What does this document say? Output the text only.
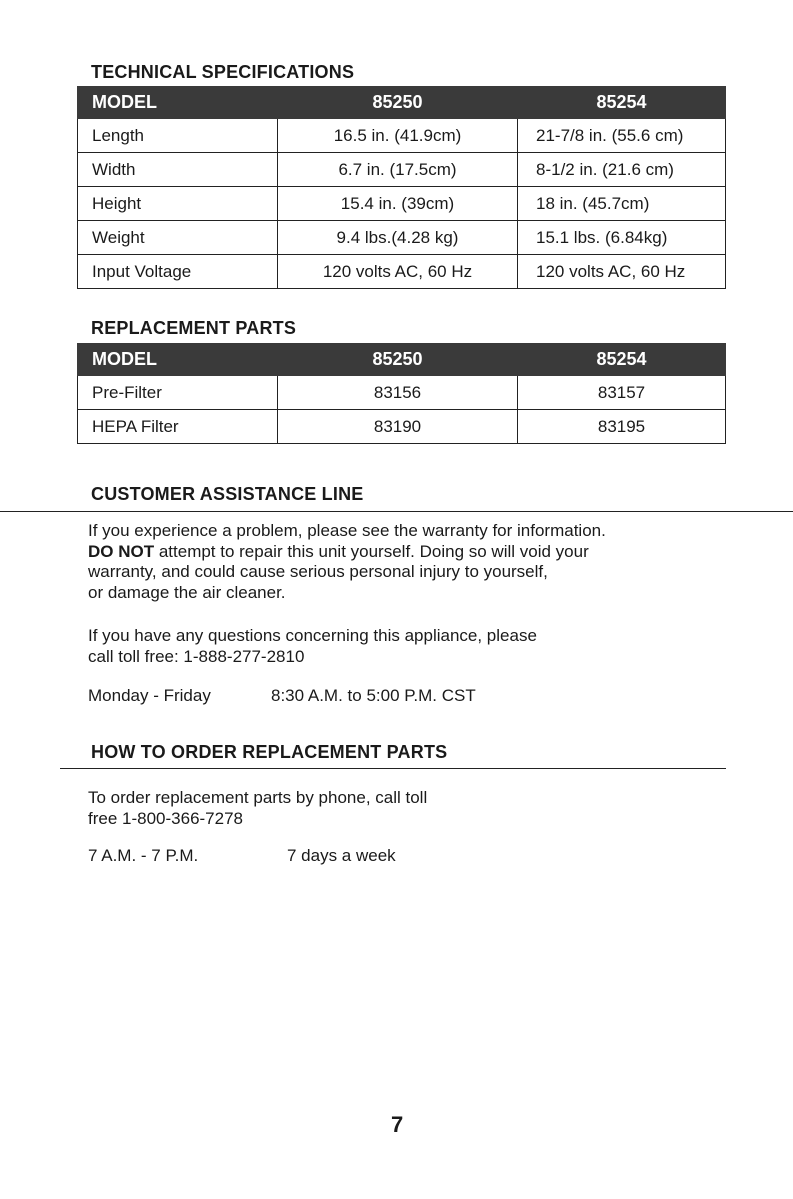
TECHNICAL SPECIFICATIONS
MODEL	85250	85254
Length	16.5 in. (41.9cm)	21-7/8 in. (55.6 cm)
Width	6.7 in. (17.5cm)	8-1/2 in. (21.6 cm)
Height	15.4 in. (39cm)	18 in. (45.7cm)
Weight	9.4 lbs.(4.28 kg)	15.1 lbs. (6.84kg)
Input Voltage	120 volts AC, 60 Hz	120 volts AC, 60 Hz
REPLACEMENT PARTS
MODEL	85250	85254
Pre-Filter	83156	83157
HEPA Filter	83190	83195
CUSTOMER ASSISTANCE LINE
If you experience a problem, please see the warranty for information.
DO NOT attempt to repair this unit yourself. Doing so will void your
warranty, and could cause serious personal injury to yourself,
or damage the air cleaner.
If you have any questions concerning this appliance, please
call toll free: 1-888-277-2810
Monday - Friday	8:30 A.M. to 5:00 P.M. CST
HOW TO ORDER REPLACEMENT PARTS
To order replacement parts by phone, call toll
free 1-800-366-7278
7 A.M. - 7 P.M.	7 days a week
7
